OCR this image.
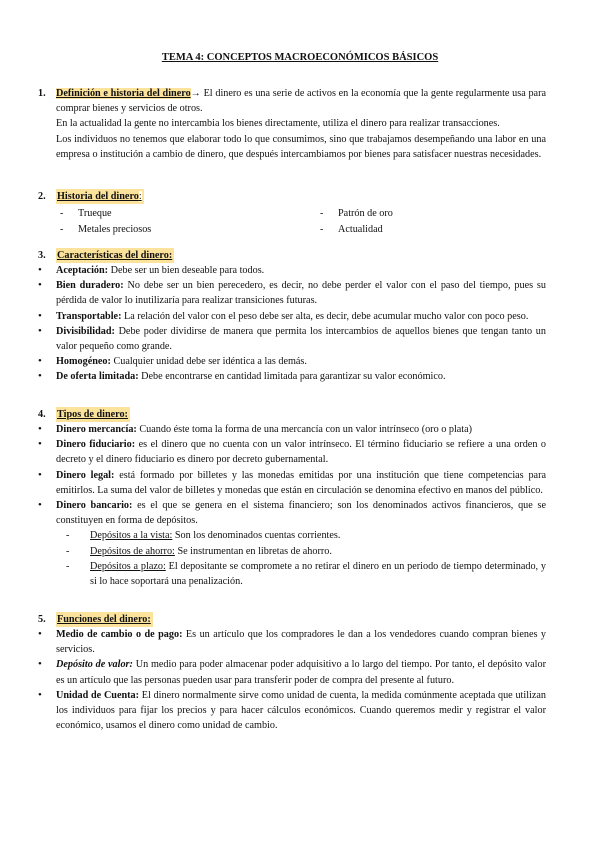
TEMA 4: CONCEPTOS MACROECONÓMICOS BÁSICOS
1. Definición e historia del dinero→ El dinero es una serie de activos en la economía que la gente regularmente usa para comprar bienes y servicios de otros.
En la actualidad la gente no intercambia los bienes directamente, utiliza el dinero para realizar transacciones.
Los individuos no tenemos que elaborar todo lo que consumimos, sino que trabajamos desempeñando una labor en una empresa o institución a cambio de dinero, que después intercambiamos por bienes para satisfacer nuestras necesidades.
2. Historia del dinero:
- Trueque
- Metales preciosos
- Patrón de oro
- Actualidad
3. Características del dinero:
• Aceptación: Debe ser un bien deseable para todos.
• Bien duradero: No debe ser un bien perecedero, es decir, no debe perder el valor con el paso del tiempo, pues su pérdida de valor lo inutilizaría para realizar transiciones futuras.
• Transportable: La relación del valor con el peso debe ser alta, es decir, debe acumular mucho valor con poco peso.
• Divisibilidad: Debe poder dividirse de manera que permita los intercambios de aquellos bienes que tengan tanto un valor pequeño como grande.
• Homogéneo: Cualquier unidad debe ser idéntica a las demás.
• De oferta limitada: Debe encontrarse en cantidad limitada para garantizar su valor económico.
4. Tipos de dinero:
• Dinero mercancía: Cuando éste toma la forma de una mercancía con un valor intrínseco (oro o plata)
• Dinero fiduciario: es el dinero que no cuenta con un valor intrínseco. El término fiduciario se refiere a una orden o decreto y el dinero fiduciario es dinero por decreto gubernamental.
• Dinero legal: está formado por billetes y las monedas emitidas por una institución que tiene competencias para emitirlos. La suma del valor de billetes y monedas que están en circulación se denomina efectivo en manos del público.
• Dinero bancario: es el que se genera en el sistema financiero; son los denominados activos financieros, que se constituyen en forma de depósitos.
- Depósitos a la vista: Son los denominados cuentas corrientes.
- Depósitos de ahorro: Se instrumentan en libretas de ahorro.
- Depósitos a plazo: El depositante se compromete a no retirar el dinero en un periodo de tiempo determinado, y si lo hace soportará una penalización.
5. Funciones del dinero:
• Medio de cambio o de pago: Es un artículo que los compradores le dan a los vendedores cuando compran bienes y servicios.
• Depósito de valor: Un medio para poder almacenar poder adquisitivo a lo largo del tiempo. Por tanto, el depósito valor es un artículo que las personas pueden usar para transferir poder de compra del presente al futuro.
• Unidad de Cuenta: El dinero normalmente sirve como unidad de cuenta, la medida comúnmente aceptada que utilizan los individuos para fijar los precios y para hacer cálculos económicos. Cuando queremos medir y registrar el valor económico, usamos el dinero como unidad de cambio.
